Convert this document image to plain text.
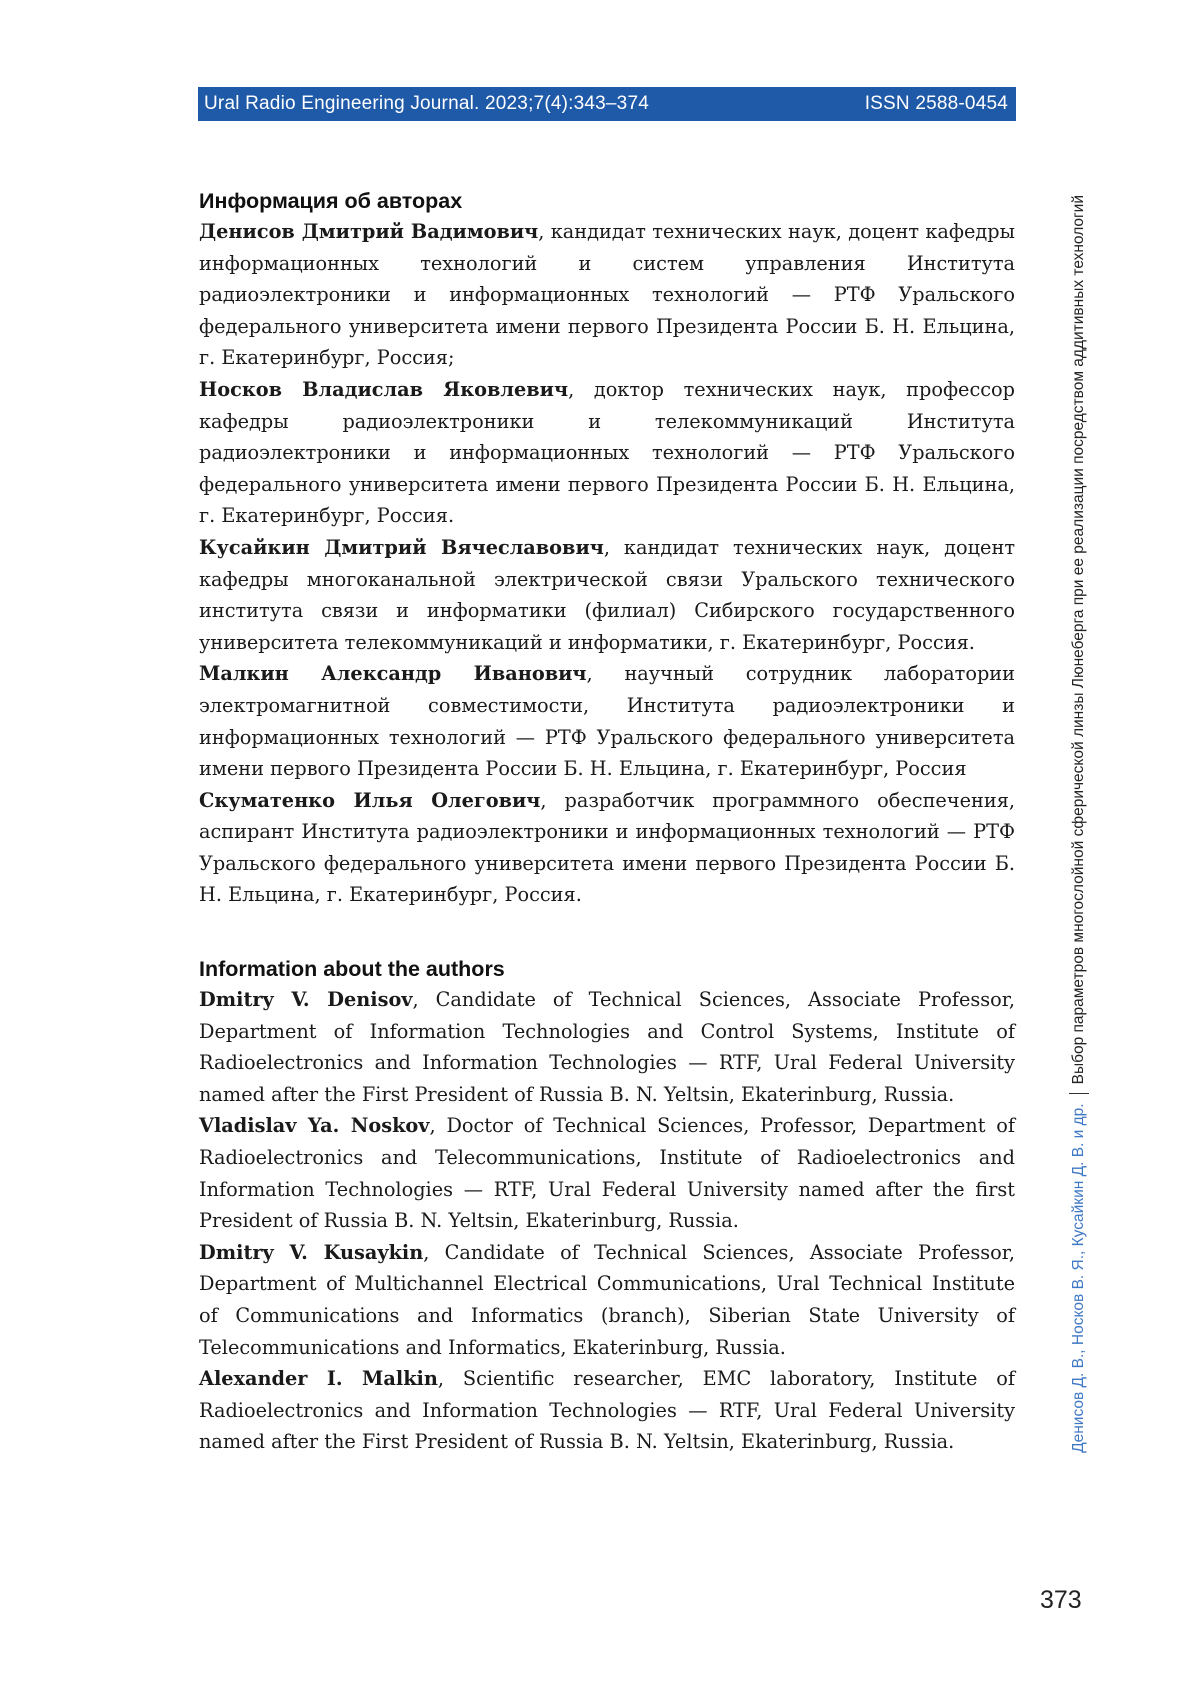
Ural Radio Engineering Journal. 2023;7(4):343–374	ISSN 2588-0454
Информация об авторах

Денисов Дмитрий Вадимович, кандидат технических наук, доцент кафедры информационных технологий и систем управления Института радиоэлектроники и информационных технологий — РТФ Уральского федерального университета имени первого Президента России Б. Н. Ельцина, г. Екатеринбург, Россия;

Носков Владислав Яковлевич, доктор технических наук, профессор кафедры радиоэлектроники и телекоммуникаций Института радиоэлектроники и информационных технологий — РТФ Уральского федерального университета имени первого Президента России Б. Н. Ельцина, г. Екатеринбург, Россия.

Кусайкин Дмитрий Вячеславович, кандидат технических наук, доцент кафедры многоканальной электрической связи Уральского технического института связи и информатики (филиал) Сибирского государственного университета телекоммуникаций и информатики, г. Екатеринбург, Россия.

Малкин Александр Иванович, научный сотрудник лаборатории электромагнитной совместимости, Института радиоэлектроники и информационных технологий — РТФ Уральского федерального университета имени первого Президента России Б. Н. Ельцина, г. Екатеринбург, Россия

Скуматенко Илья Олегович, разработчик программного обеспечения, аспирант Института радиоэлектроники и информационных технологий — РТФ Уральского федерального университета имени первого Президента России Б. Н. Ельцина, г. Екатеринбург, Россия.

Information about the authors

Dmitry V. Denisov, Candidate of Technical Sciences, Associate Professor, Department of Information Technologies and Control Systems, Institute of Radioelectronics and Information Technologies — RTF, Ural Federal University named after the First President of Russia B. N. Yeltsin, Ekaterinburg, Russia.

Vladislav Ya. Noskov, Doctor of Technical Sciences, Professor, Department of Radioelectronics and Telecommunications, Institute of Radioelectronics and Information Technologies — RTF, Ural Federal University named after the first President of Russia B. N. Yeltsin, Ekaterinburg, Russia.

Dmitry V. Kusaykin, Candidate of Technical Sciences, Associate Professor, Department of Multichannel Electrical Communications, Ural Technical Institute of Communications and Informatics (branch), Siberian State University of Telecommunications and Informatics, Ekaterinburg, Russia.

Alexander I. Malkin, Scientific researcher, EMC laboratory, Institute of Radioelectronics and Information Technologies — RTF, Ural Federal University named after the First President of Russia B. N. Yeltsin, Ekaterinburg, Russia.	Денисов Д. В., Носков В. Я., Кусайкин Д. В. и др.
Выбор параметров многослойной сферической линзы Люнеберга при ее реализации посредством аддитивных технологий
373
